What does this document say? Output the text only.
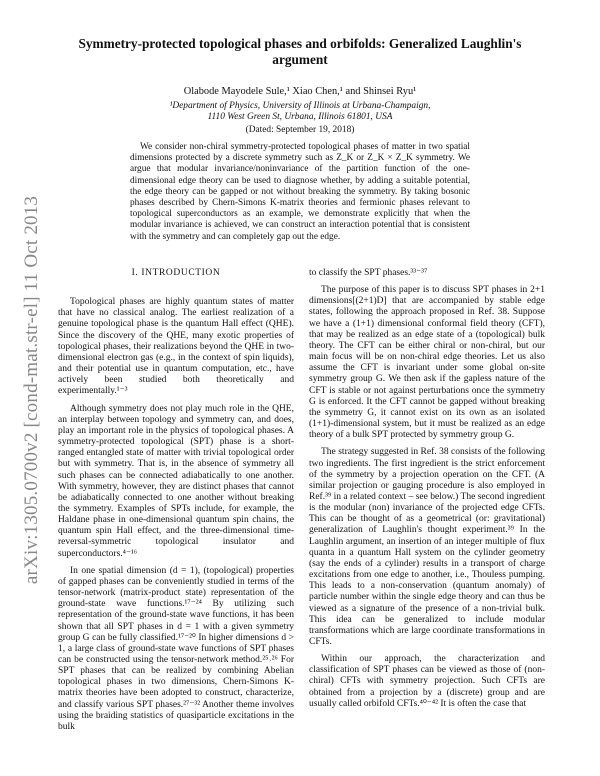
arXiv:1305.0700v2 [cond-mat.str-el] 11 Oct 2013
Symmetry-protected topological phases and orbifolds: Generalized Laughlin's argument
Olabode Mayodele Sule,¹ Xiao Chen,¹ and Shinsei Ryu¹
¹Department of Physics, University of Illinois at Urbana-Champaign,
1110 West Green St, Urbana, Illinois 61801, USA
(Dated: September 19, 2018)

We consider non-chiral symmetry-protected topological phases of matter in two spatial dimensions protected by a discrete symmetry such as Z_K or Z_K × Z_K symmetry. We argue that modular invariance/noninvariance of the partition function of the one-dimensional edge theory can be used to diagnose whether, by adding a suitable potential, the edge theory can be gapped or not without breaking the symmetry. By taking bosonic phases described by Chern-Simons K-matrix theories and fermionic phases relevant to topological superconductors as an example, we demonstrate explicitly that when the modular invariance is achieved, we can construct an interaction potential that is consistent with the symmetry and can completely gap out the edge.

I. INTRODUCTION

Topological phases are highly quantum states of matter that have no classical analog. The earliest realization of a genuine topological phase is the quantum Hall effect (QHE). Since the discovery of the QHE, many exotic properties of topological phases, their realizations beyond the QHE in two-dimensional electron gas (e.g., in the context of spin liquids), and their potential use in quantum computation, etc., have actively been studied both theoretically and experimentally.¹⁻³

Although symmetry does not play much role in the QHE, an interplay between topology and symmetry can, and does, play an important role in the physics of topological phases. A symmetry-protected topological (SPT) phase is a short-ranged entangled state of matter with trivial topological order but with symmetry. That is, in the absence of symmetry all such phases can be connected adiabatically to one another. With symmetry, however, they are distinct phases that cannot be adiabatically connected to one another without breaking the symmetry. Examples of SPTs include, for example, the Haldane phase in one-dimensional quantum spin chains, the quantum spin Hall effect, and the three-dimensional time-reversal-symmetric topological insulator and superconductors.⁴⁻¹⁶

In one spatial dimension (d = 1), (topological) properties of gapped phases can be conveniently studied in terms of the tensor-network (matrix-product state) representation of the ground-state wave functions.¹⁷⁻²⁴ By utilizing such representation of the ground-state wave functions, it has been shown that all SPT phases in d = 1 with a given symmetry group G can be fully classified.¹⁷⁻²⁰ In higher dimensions d > 1, a large class of ground-state wave functions of SPT phases can be constructed using the tensor-network method.²⁵˒²⁶ For SPT phases that can be realized by combining Abelian topological phases in two dimensions, Chern-Simons K-matrix theories have been adopted to construct, characterize, and classify various SPT phases.²⁷⁻³² Another theme involves using the braiding statistics of quasiparticle excitations in the bulk

to classify the SPT phases.³³⁻³⁷

The purpose of this paper is to discuss SPT phases in 2+1 dimensions[(2+1)D] that are accompanied by stable edge states, following the approach proposed in Ref. 38. Suppose we have a (1+1) dimensional conformal field theory (CFT), that may be realized as an edge state of a (topological) bulk theory. The CFT can be either chiral or non-chiral, but our main focus will be on non-chiral edge theories. Let us also assume the CFT is invariant under some global on-site symmetry group G. We then ask if the gapless nature of the CFT is stable or not against perturbations once the symmetry G is enforced. It the CFT cannot be gapped without breaking the symmetry G, it cannot exist on its own as an isolated (1+1)-dimensional system, but it must be realized as an edge theory of a bulk SPT protected by symmetry group G.

The strategy suggested in Ref. 38 consists of the following two ingredients. The first ingredient is the strict enforcement of the symmetry by a projection operation on the CFT. (A similar projection or gauging procedure is also employed in Ref.³⁹ in a related context – see below.) The second ingredient is the modular (non) invariance of the projected edge CFTs. This can be thought of as a geometrical (or: gravitational) generalization of Laughlin's thought experiment.³⁹ In the Laughlin argument, an insertion of an integer multiple of flux quanta in a quantum Hall system on the cylinder geometry (say the ends of a cylinder) results in a transport of charge excitations from one edge to another, i.e., Thouless pumping. This leads to a non-conservation (quantum anomaly) of particle number within the single edge theory and can thus be viewed as a signature of the presence of a non-trivial bulk. This idea can be generalized to include modular transformations which are large coordinate transformations in CFTs.

Within our approach, the characterization and classification of SPT phases can be viewed as those of (non-chiral) CFTs with symmetry projection. Such CFTs are obtained from a projection by a (discrete) group and are usually called orbifold CFTs.⁴⁰⁻⁴² It is often the case that
